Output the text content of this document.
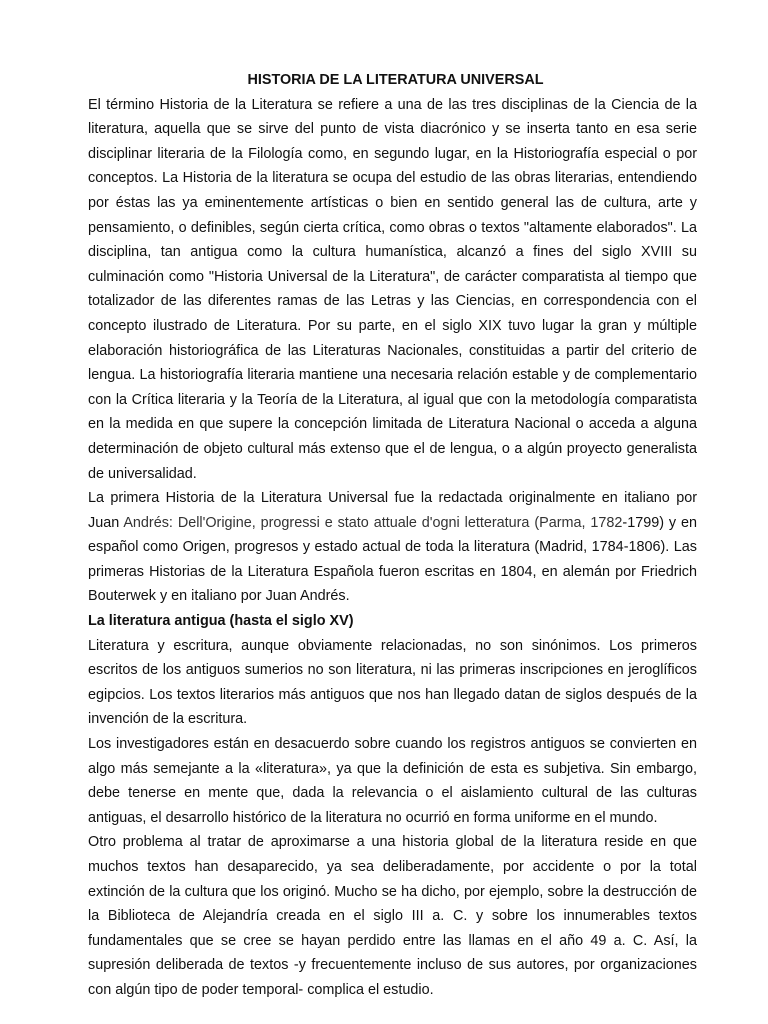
HISTORIA DE LA LITERATURA UNIVERSAL

El término Historia de la Literatura se refiere a una de las tres disciplinas de la Ciencia de la literatura, aquella que se sirve del punto de vista diacrónico y se inserta tanto en esa serie disciplinar literaria de la Filología como, en segundo lugar, en la Historiografía especial o por conceptos. La Historia de la literatura se ocupa del estudio de las obras literarias, entendiendo por éstas las ya eminentemente artísticas o bien en sentido general las de cultura, arte y pensamiento, o definibles, según cierta crítica, como obras o textos "altamente elaborados". La disciplina, tan antigua como la cultura humanística, alcanzó a fines del siglo XVIII su culminación como "Historia Universal de la Literatura", de carácter comparatista al tiempo que totalizador de las diferentes ramas de las Letras y las Ciencias, en correspondencia con el concepto ilustrado de Literatura. Por su parte, en el siglo XIX tuvo lugar la gran y múltiple elaboración historiográfica de las Literaturas Nacionales, constituidas a partir del criterio de lengua. La historiografía literaria mantiene una necesaria relación estable y de complementario con la Crítica literaria y la Teoría de la Literatura, al igual que con la metodología comparatista en la medida en que supere la concepción limitada de Literatura Nacional o acceda a alguna determinación de objeto cultural más extenso que el de lengua, o a algún proyecto generalista de universalidad.

La primera Historia de la Literatura Universal fue la redactada originalmente en italiano por Juan Andrés: Dell'Origine, progressi e stato attuale d'ogni letteratura (Parma, 1782-1799) y en español como Origen, progresos y estado actual de toda la literatura (Madrid, 1784-1806). Las primeras Historias de la Literatura Española fueron escritas en 1804, en alemán por Friedrich Bouterwek y en italiano por Juan Andrés.

La literatura antigua (hasta el siglo XV)

Literatura y escritura, aunque obviamente relacionadas, no son sinónimos. Los primeros escritos de los antiguos sumerios no son literatura, ni las primeras inscripciones en jeroglíficos egipcios. Los textos literarios más antiguos que nos han llegado datan de siglos después de la invención de la escritura.

Los investigadores están en desacuerdo sobre cuando los registros antiguos se convierten en algo más semejante a la «literatura», ya que la definición de esta es subjetiva. Sin embargo, debe tenerse en mente que, dada la relevancia o el aislamiento cultural de las culturas antiguas, el desarrollo histórico de la literatura no ocurrió en forma uniforme en el mundo.

Otro problema al tratar de aproximarse a una historia global de la literatura reside en que muchos textos han desaparecido, ya sea deliberadamente, por accidente o por la total extinción de la cultura que los originó. Mucho se ha dicho, por ejemplo, sobre la destrucción de la Biblioteca de Alejandría creada en el siglo III a. C. y sobre los innumerables textos fundamentales que se cree se hayan perdido entre las llamas en el año 49 a. C. Así, la supresión deliberada de textos -y frecuentemente incluso de sus autores, por organizaciones con algún tipo de poder temporal- complica el estudio.
